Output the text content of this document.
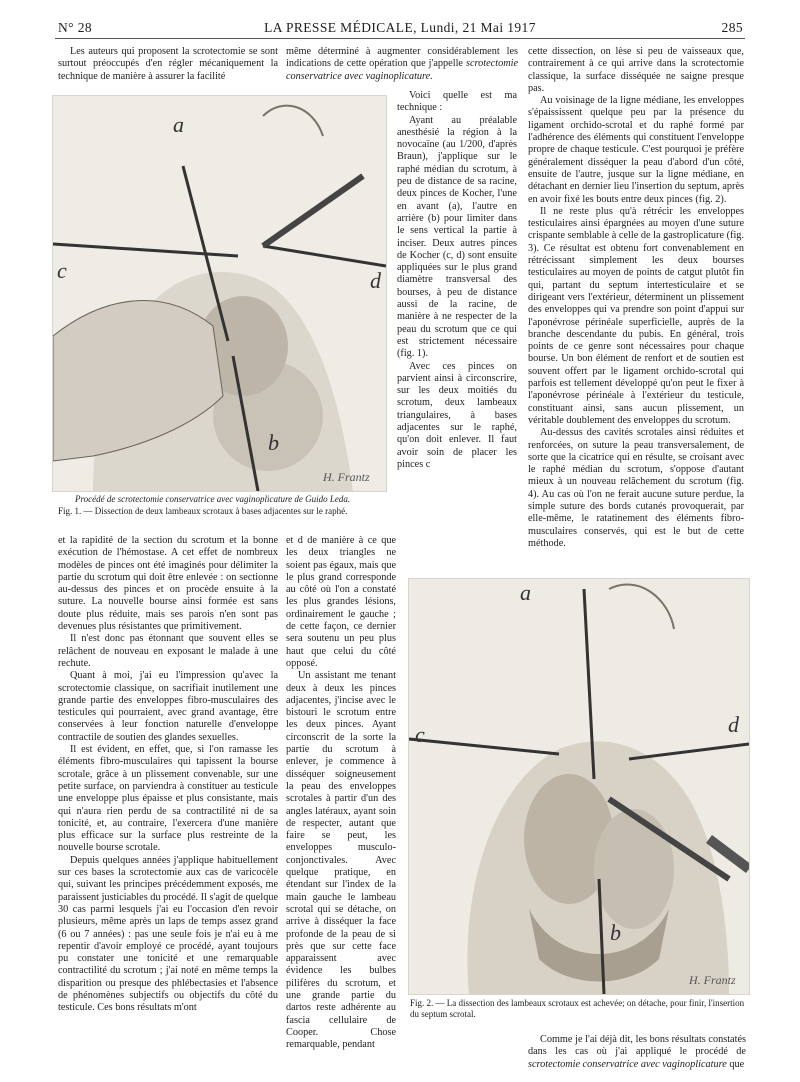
N° 28	LA PRESSE MÉDICALE, Lundi, 21 Mai 1917	285

Les auteurs qui proposent la scrotectomie se sont surtout préoccupés d'en régler mécaniquement la technique de manière à assurer la facilité

H. Frantz
a
c	d
b
Procédé de scrotectomie conservatrice avec vaginoplicature de Guido Leda.
Fig. 1. — Dissection de deux lambeaux scrotaux à bases adjacentes sur le raphé.

même déterminé à augmenter considérablement les indications de cette opération que j'appelle scrotectomie conservatrice avec vaginoplicature.

Voici quelle est ma technique :

Ayant au préalable anesthésié la région à la novocaïne (au 1/200, d'après Braun), j'applique sur le raphé médian du scrotum, à peu de distance de sa racine, deux pinces de Kocher, l'une en avant (a), l'autre en arrière (b) pour limiter dans le sens vertical la partie à inciser. Deux autres pinces de Kocher (c, d) sont ensuite appliquées sur le plus grand diamètre transversal des bourses, à peu de distance aussi de la racine, de manière à ne respecter de la peau du scrotum que ce qui est strictement nécessaire (fig. 1).

Avec ces pinces on parvient ainsi à circonscrire, sur les deux moitiés du scrotum, deux lambeaux triangulaires, à bases adjacentes sur le raphé, qu'on doit enlever. Il faut avoir soin de placer les pinces c

cette dissection, on lèse si peu de vaisseaux que, contrairement à ce qui arrive dans la scrotectomie classique, la surface disséquée ne saigne presque pas.

Au voisinage de la ligne médiane, les enveloppes s'épaississent quelque peu par la présence du ligament orchido-scrotal et du raphé formé par l'adhérence des éléments qui constituent l'enveloppe propre de chaque testicule. C'est pourquoi je préfère généralement disséquer la peau d'abord d'un côté, ensuite de l'autre, jusque sur la ligne médiane, en détachant en dernier lieu l'insertion du septum, après en avoir fixé les bouts entre deux pinces (fig. 2).

Il ne reste plus qu'à rétrécir les enveloppes testiculaires ainsi épargnées au moyen d'une suture crispante semblable à celle de la gastroplicature (fig. 3). Ce résultat est obtenu fort convenablement en rétrécissant simplement les deux bourses testiculaires au moyen de points de catgut plutôt fin qui, partant du septum intertesticulaire et se dirigeant vers l'extérieur, déterminent un plissement des enveloppes qui va prendre son point d'appui sur l'aponévrose périnéale superficielle, auprès de la branche descendante du pubis. En général, trois points de ce genre sont nécessaires pour chaque bourse. Un bon élément de renfort et de soutien est souvent offert par le ligament orchido-scrotal qui parfois est tellement développé qu'on peut le fixer à l'aponévrose périnéale à l'extérieur du testicule, constituant ainsi, sans aucun plissement, un véritable doublement des enveloppes du scrotum.

Au-dessus des cavités scrotales ainsi réduites et renforcées, on suture la peau transversalement, de sorte que la cicatrice qui en résulte, se croisant avec le raphé médian du scrotum, s'oppose d'autant mieux à un nouveau relâchement du scrotum (fig. 4). Au cas où l'on ne ferait aucune suture perdue, la simple suture des bords cutanés provoquerait, par elle-même, le ratatinement des éléments fibro-musculaires conservés, qui est le but de cette méthode.

et la rapidité de la section du scrotum et la bonne exécution de l'hémostase. A cet effet de nombreux modèles de pinces ont été imaginés pour délimiter la partie du scrotum qui doit être enlevée : on sectionne au-dessus des pinces et on procède ensuite à la suture. La nouvelle bourse ainsi formée est sans doute plus réduite, mais ses parois n'en sont pas devenues plus résistantes que primitivement.

Il n'est donc pas étonnant que souvent elles se relâchent de nouveau en exposant le malade à une rechute.

Quant à moi, j'ai eu l'impression qu'avec la scrotectomie classique, on sacrifiait inutilement une grande partie des enveloppes fibro-musculaires des testicules qui pourraient, avec grand avantage, être conservées à leur fonction naturelle d'enveloppe contractile de soutien des glandes sexuelles.

Il est évident, en effet, que, si l'on ramasse les éléments fibro-musculaires qui tapissent la bourse scrotale, grâce à un plissement convenable, sur une petite surface, on parviendra à constituer au testicule une enveloppe plus épaisse et plus consistante, mais qui n'aura rien perdu de sa contractilité ni de sa tonicité, et, au contraire, l'exercera d'une manière plus efficace sur la surface plus restreinte de la nouvelle bourse scrotale.

Depuis quelques années j'applique habituellement sur ces bases la scrotectomie aux cas de varicocèle qui, suivant les principes précédemment exposés, me paraissent justiciables du procédé. Il s'agit de quelque 30 cas parmi lesquels j'ai eu l'occasion d'en revoir plusieurs, même après un laps de temps assez grand (6 ou 7 années) : pas une seule fois je n'ai eu à me repentir d'avoir employé ce procédé, ayant toujours pu constater une tonicité et une remarquable contractilité du scrotum ; j'ai noté en même temps la disparition ou presque des phlébectasies et l'absence de phénomènes subjectifs ou objectifs du côté du testicule. Ces bons résultats m'ont

et d de manière à ce que les deux triangles ne soient pas égaux, mais que le plus grand corresponde au côté où l'on a constaté les plus grandes lésions, ordinairement le gauche ; de cette façon, ce dernier sera soutenu un peu plus haut que celui du côté opposé.

Un assistant me tenant deux à deux les pinces adjacentes, j'incise avec le bistouri le scrotum entre les deux pinces. Ayant circonscrit de la sorte la partie du scrotum à enlever, je commence à disséquer soigneusement la peau des enveloppes scrotales à partir d'un des angles latéraux, ayant soin de respecter, autant que faire se peut, les enveloppes musculo-conjonctivales. Avec quelque pratique, en étendant sur l'index de la main gauche le lambeau scrotal qui se détache, on arrive à disséquer la face profonde de la peau de si près que sur cette face apparaissent avec évidence les bulbes pilifères du scrotum, et une grande partie du dartos reste adhérente au fascia cellulaire de Cooper. Chose remarquable, pendant

H. Frantz
a
c	d
b
Fig. 2. — La dissection des lambeaux scrotaux est achevée; on détache, pour finir, l'insertion du septum scrotal.

Comme je l'ai déjà dit, les bons résultats constatés dans les cas où j'ai appliqué le procédé de scrotectomie conservatrice avec vaginoplicature que
